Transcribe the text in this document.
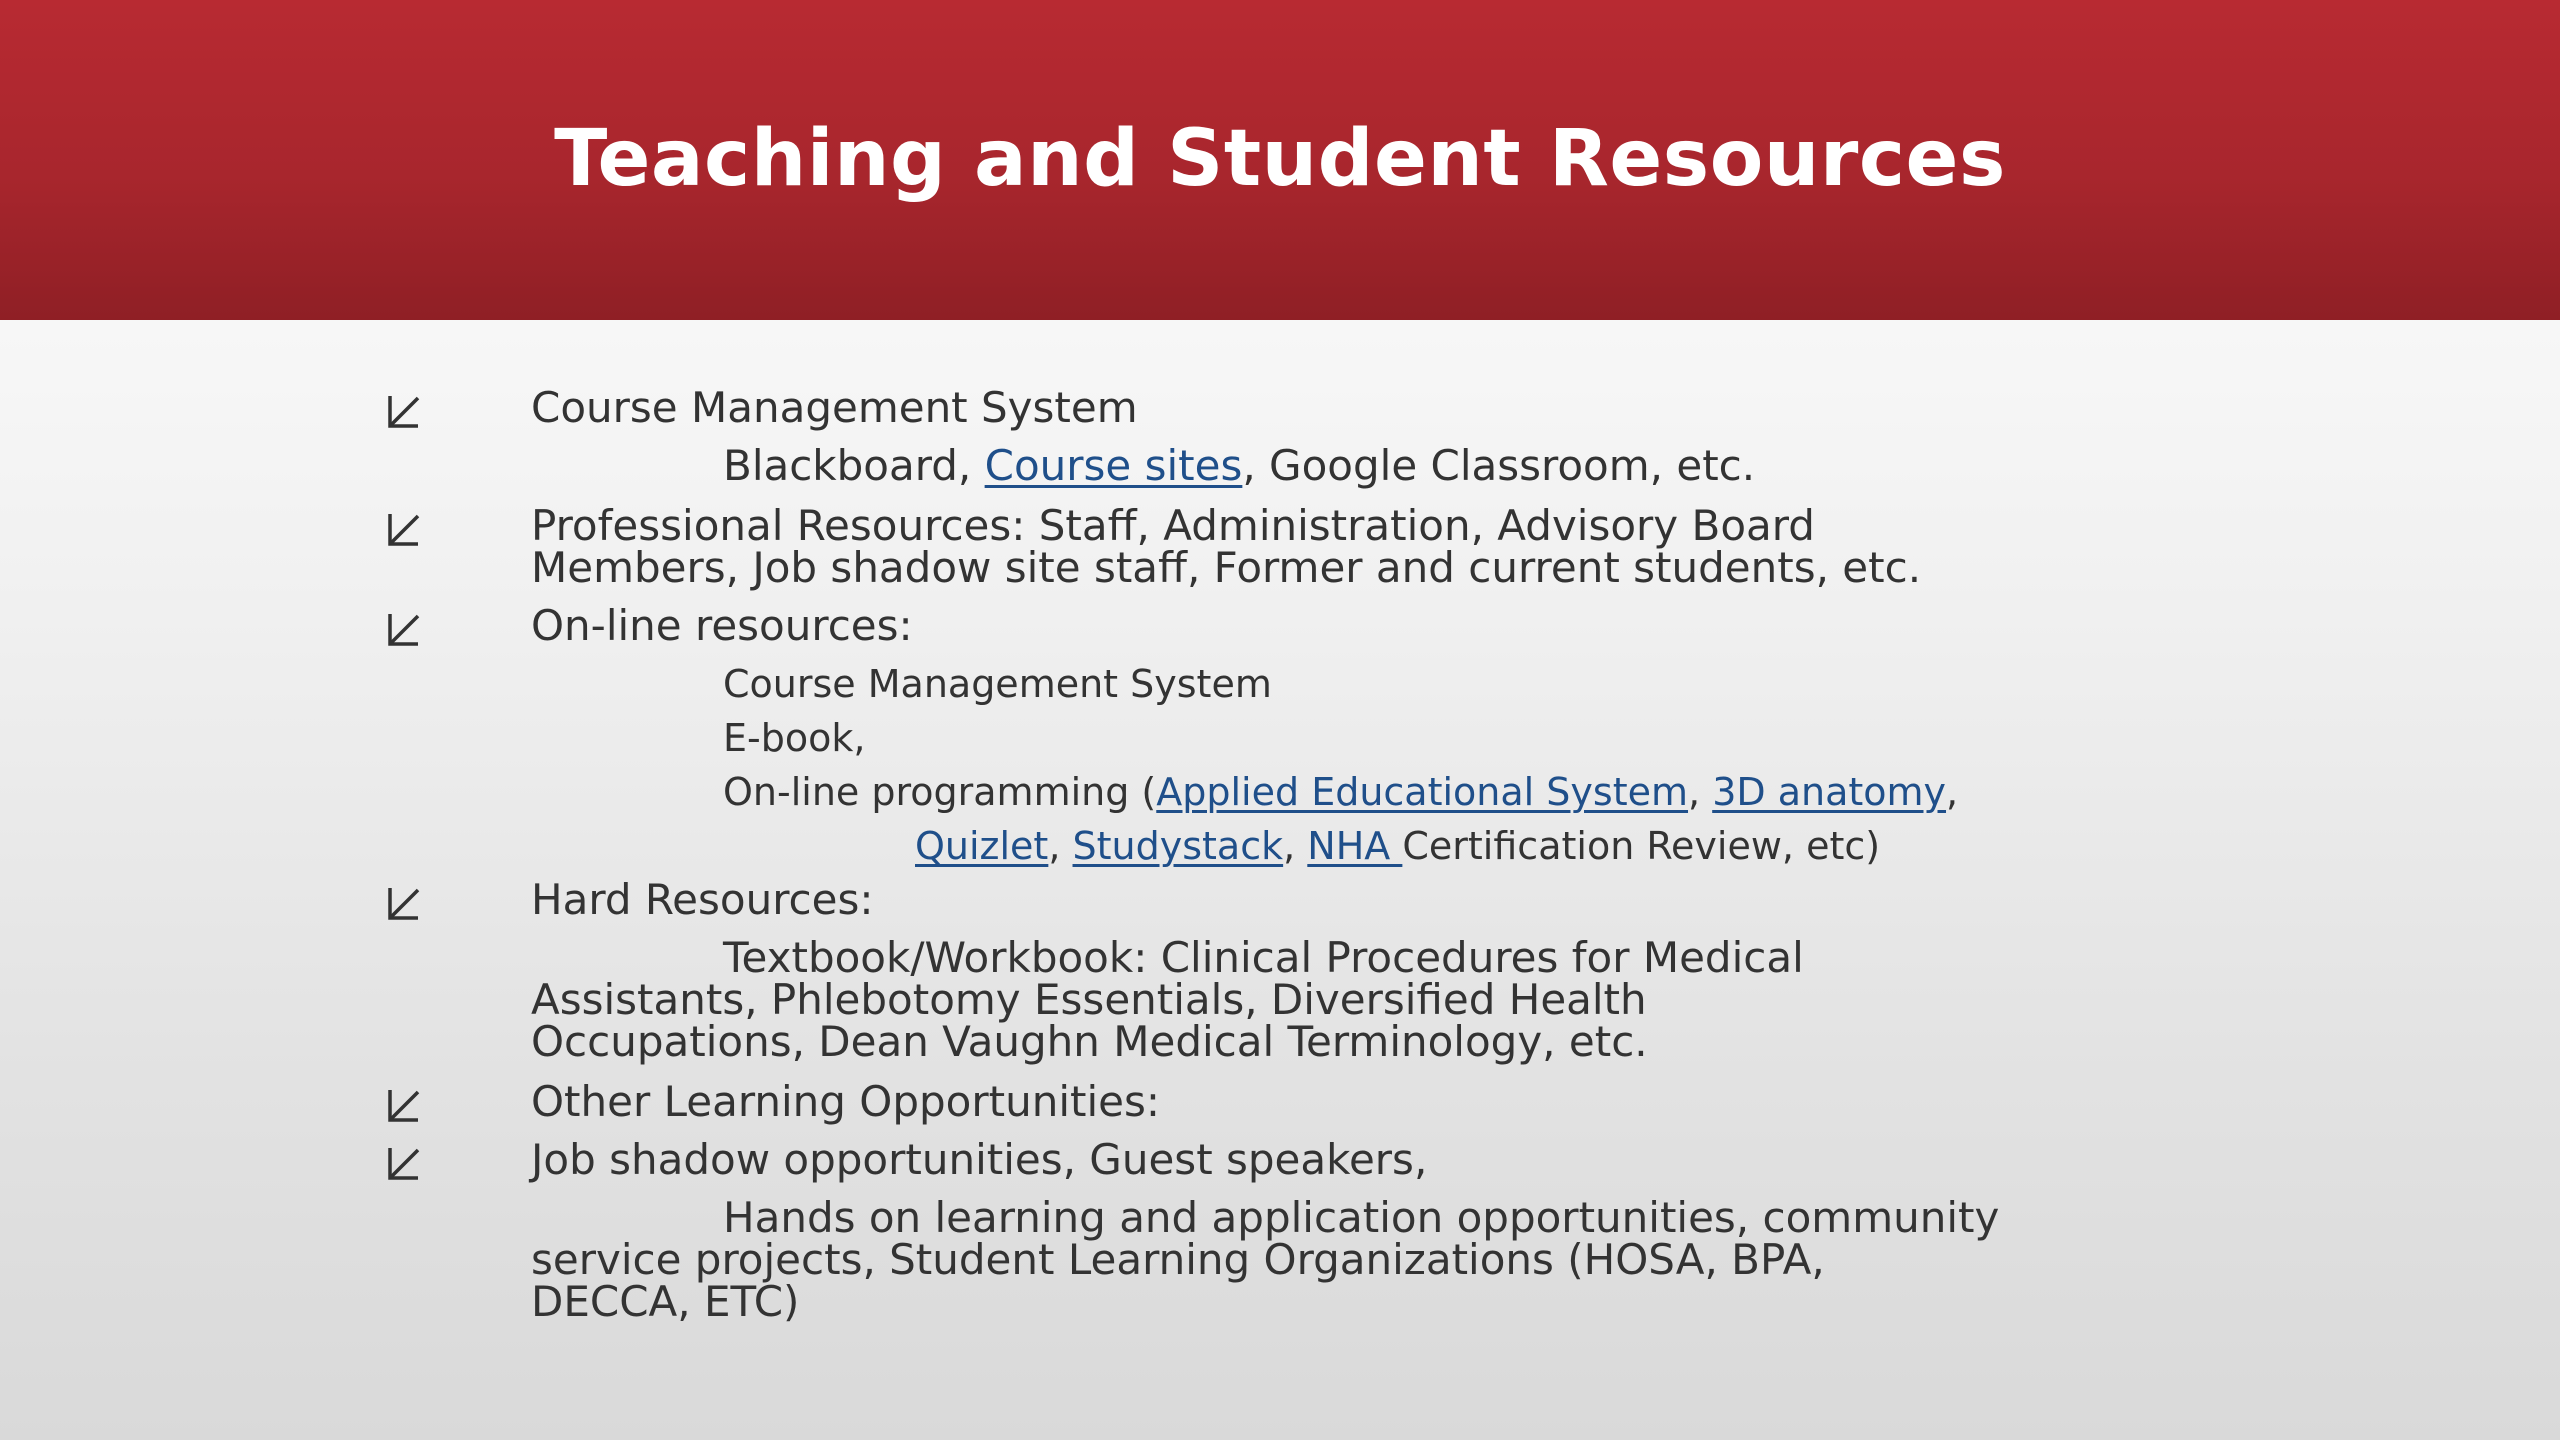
Teaching and Student Resources
Course Management System
Blackboard, Course sites, Google Classroom, etc.
Professional Resources: Staff, Administration, Advisory Board
Members, Job shadow site staff, Former and current students, etc.
On-line resources:
Course Management System
E-book,
On-line programming (Applied Educational System, 3D anatomy,
Quizlet, Studystack, NHA Certification Review, etc)
Hard Resources:
Textbook/Workbook: Clinical Procedures for Medical
Assistants, Phlebotomy Essentials, Diversified Health
Occupations, Dean Vaughn Medical Terminology, etc.
Other Learning Opportunities:
Job shadow opportunities, Guest speakers,
Hands on learning and application opportunities, community
service projects, Student Learning Organizations (HOSA, BPA,
DECCA, ETC)
